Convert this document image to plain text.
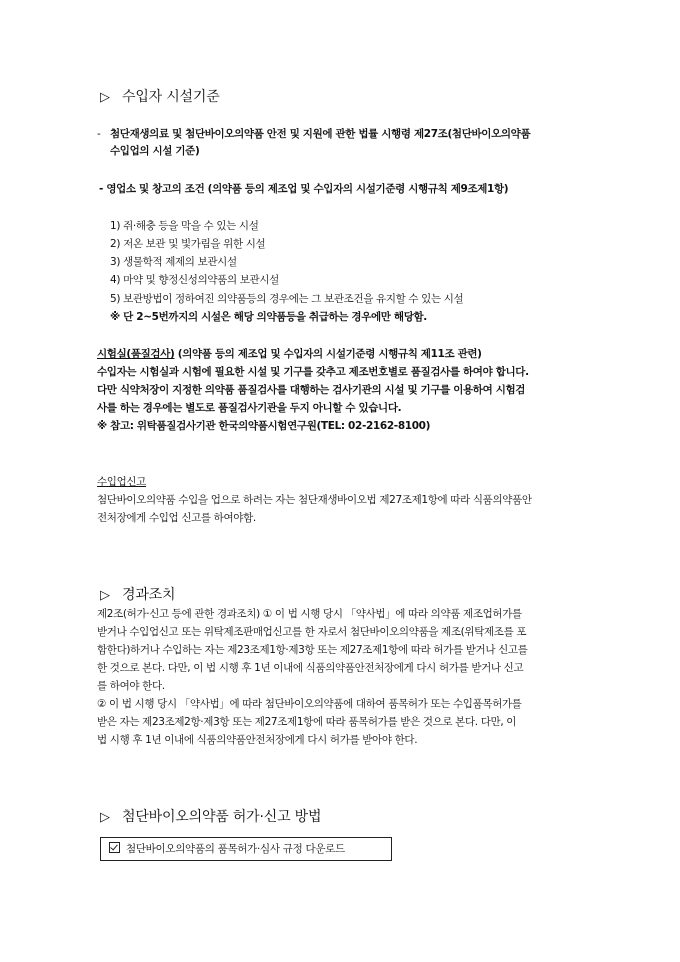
▷ 수입자 시설기준
- 첨단재생의료 및 첨단바이오의약품 안전 및 지원에 관한 법률 시행령 제27조(첨단바이오의약품
수입업의 시설 기준)
- 영업소 및 창고의 조건 (의약품 등의 제조업 및 수입자의 시설기준령 시행규칙 제9조제1항)
1) 쥐·해충 등을 막을 수 있는 시설
2) 저온 보관 및 빛가림을 위한 시설
3) 생물학적 제제의 보관시설
4) 마약 및 향정신성의약품의 보관시설
5) 보관방법이 정하여진 의약품등의 경우에는 그 보관조건을 유지할 수 있는 시설
※ 단 2~5번까지의 시설은 해당 의약품등을 취급하는 경우에만 해당함.
시험실(품질검사) (의약품 등의 제조업 및 수입자의 시설기준령 시행규칙 제11조 관련)
수입자는 시험실과 시험에 필요한 시설 및 기구를 갖추고 제조번호별로 품질검사를 하여야 합니다.
다만 식약처장이 지정한 의약품 품질검사를 대행하는 검사기관의 시설 및 기구를 이용하여 시험검
사를 하는 경우에는 별도로 품질검사기관을 두지 아니할 수 있습니다.
※ 참고: 위탁품질검사기관 한국의약품시험연구원(TEL: 02-2162-8100)
수입업신고
첨단바이오의약품 수입을 업으로 하려는 자는 첨단재생바이오법 제27조제1항에 따라 식품의약품안
전처장에게 수입업 신고를 하여야함.
▷ 경과조치
제2조(허가·신고 등에 관한 경과조치) ① 이 법 시행 당시 「약사법」에 따라 의약품 제조업허가를
받거나 수입업신고 또는 위탁제조판매업신고를 한 자로서 첨단바이오의약품을 제조(위탁제조를 포
함한다)하거나 수입하는 자는 제23조제1항·제3항 또는 제27조제1항에 따라 허가를 받거나 신고를
한 것으로 본다. 다만, 이 법 시행 후 1년 이내에 식품의약품안전처장에게 다시 허가를 받거나 신고
를 하여야 한다.
② 이 법 시행 당시 「약사법」에 따라 첨단바이오의약품에 대하여 품목허가 또는 수입품목허가를
받은 자는 제23조제2항·제3항 또는 제27조제1항에 따라 품목허가를 받은 것으로 본다. 다만, 이
법 시행 후 1년 이내에 식품의약품안전처장에게 다시 허가를 받아야 한다.
▷ 첨단바이오의약품 허가·신고 방법
첨단바이오의약품의 품목허가·심사 규정 다운로드
